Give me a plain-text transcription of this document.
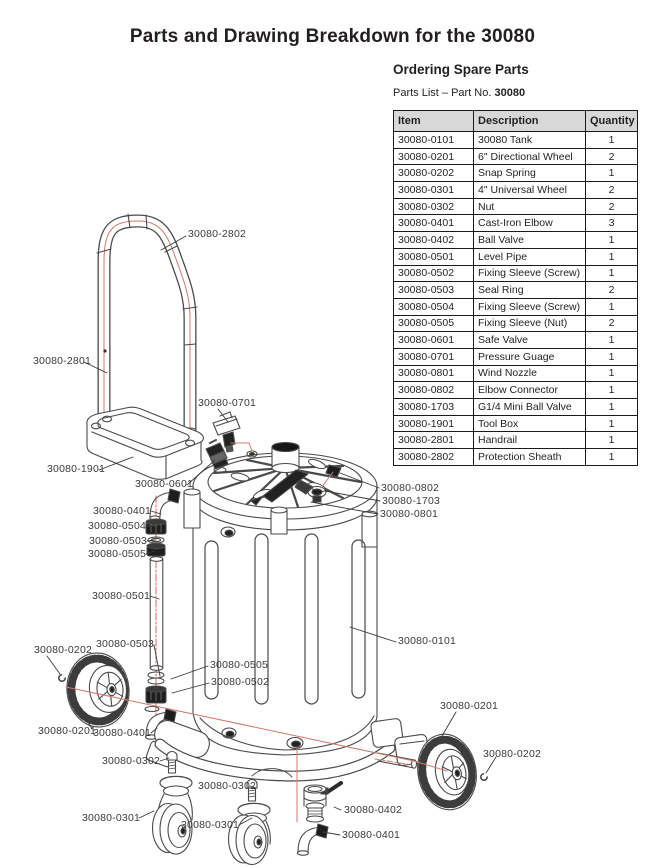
30080-2802
30080-2801
30080-0701
30080-1901
30080-0601
30080-0401
30080-0504
30080-0503
30080-0505
30080-0501
30080-0503
30080-0202
30080-0505
30080-0502
30080-0201
30080-0401
30080-0302
30080-0302
30080-0301
30080-0301
30080-0402
30080-0401
30080-0802
30080-1703
30080-0801
30080-0101
30080-0201
30080-0202
Parts and Drawing Breakdown for the 30080

Ordering Spare Parts

Parts List – Part No. 30080

Item	Description	Quantity
30080-0101	30080 Tank	1
30080-0201	6" Directional Wheel	2
30080-0202	Snap Spring	1
30080-0301	4" Universal Wheel	2
30080-0302	Nut	2
30080-0401	Cast-Iron Elbow	3
30080-0402	Ball Valve	1
30080-0501	Level Pipe	1
30080-0502	Fixing Sleeve (Screw)	1
30080-0503	Seal Ring	2
30080-0504	Fixing Sleeve (Screw)	1
30080-0505	Fixing Sleeve (Nut)	2
30080-0601	Safe Valve	1
30080-0701	Pressure Guage	1
30080-0801	Wind Nozzle	1
30080-0802	Elbow Connector	1
30080-1703	G1/4 Mini Ball Valve	1
30080-1901	Tool Box	1
30080-2801	Handrail	1
30080-2802	Protection Sheath	1
